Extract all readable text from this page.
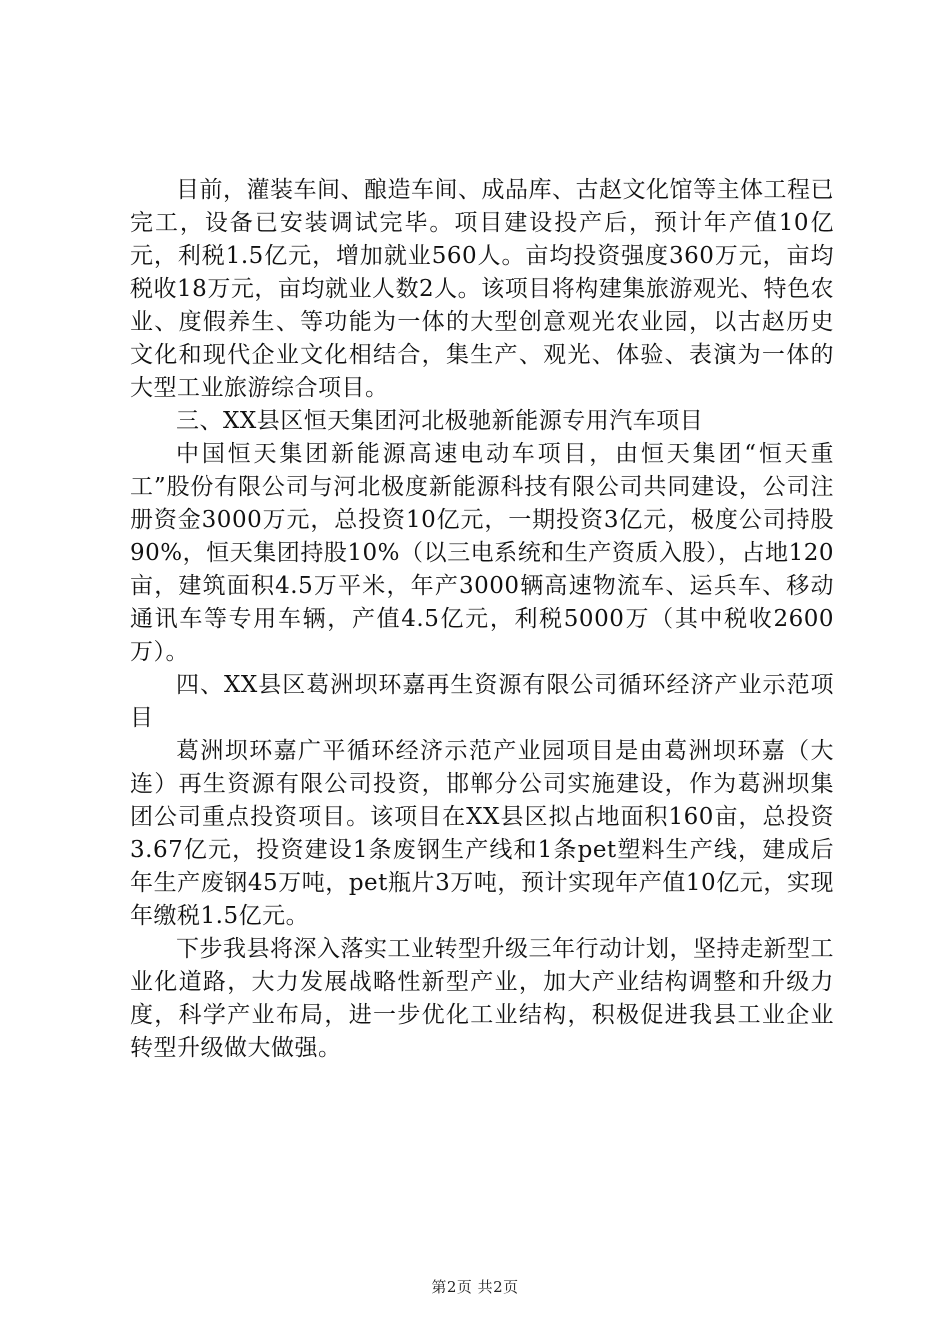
目前，灌装车间、酿造车间、成品库、古赵文化馆等主体工程已完工，设备已安装调试完毕。项目建设投产后，预计年产值10亿元，利税1.5亿元，增加就业560人。亩均投资强度360万元，亩均税收18万元，亩均就业人数2人。该项目将构建集旅游观光、特色农业、度假养生、等功能为一体的大型创意观光农业园，以古赵历史文化和现代企业文化相结合，集生产、观光、体验、表演为一体的大型工业旅游综合项目。

三、XX县区恒天集团河北极驰新能源专用汽车项目

中国恒天集团新能源高速电动车项目，由恒天集团“恒天重工”股份有限公司与河北极度新能源科技有限公司共同建设，公司注册资金3000万元，总投资10亿元，一期投资3亿元，极度公司持股90%，恒天集团持股10%（以三电系统和生产资质入股），占地120亩，建筑面积4.5万平米，年产3000辆高速物流车、运兵车、移动通讯车等专用车辆，产值4.5亿元，利税5000万（其中税收2600万）。

四、XX县区葛洲坝环嘉再生资源有限公司循环经济产业示范项目

葛洲坝环嘉广平循环经济示范产业园项目是由葛洲坝环嘉（大连）再生资源有限公司投资，邯郸分公司实施建设，作为葛洲坝集团公司重点投资项目。该项目在XX县区拟占地面积160亩，总投资3.67亿元，投资建设1条废钢生产线和1条pet塑料生产线，建成后年生产废钢45万吨，pet瓶片3万吨，预计实现年产值10亿元，实现年缴税1.5亿元。

下步我县将深入落实工业转型升级三年行动计划，坚持走新型工业化道路，大力发展战略性新型产业，加大产业结构调整和升级力度，科学产业布局，进一步优化工业结构，积极促进我县工业企业转型升级做大做强。

第2页 共2页
